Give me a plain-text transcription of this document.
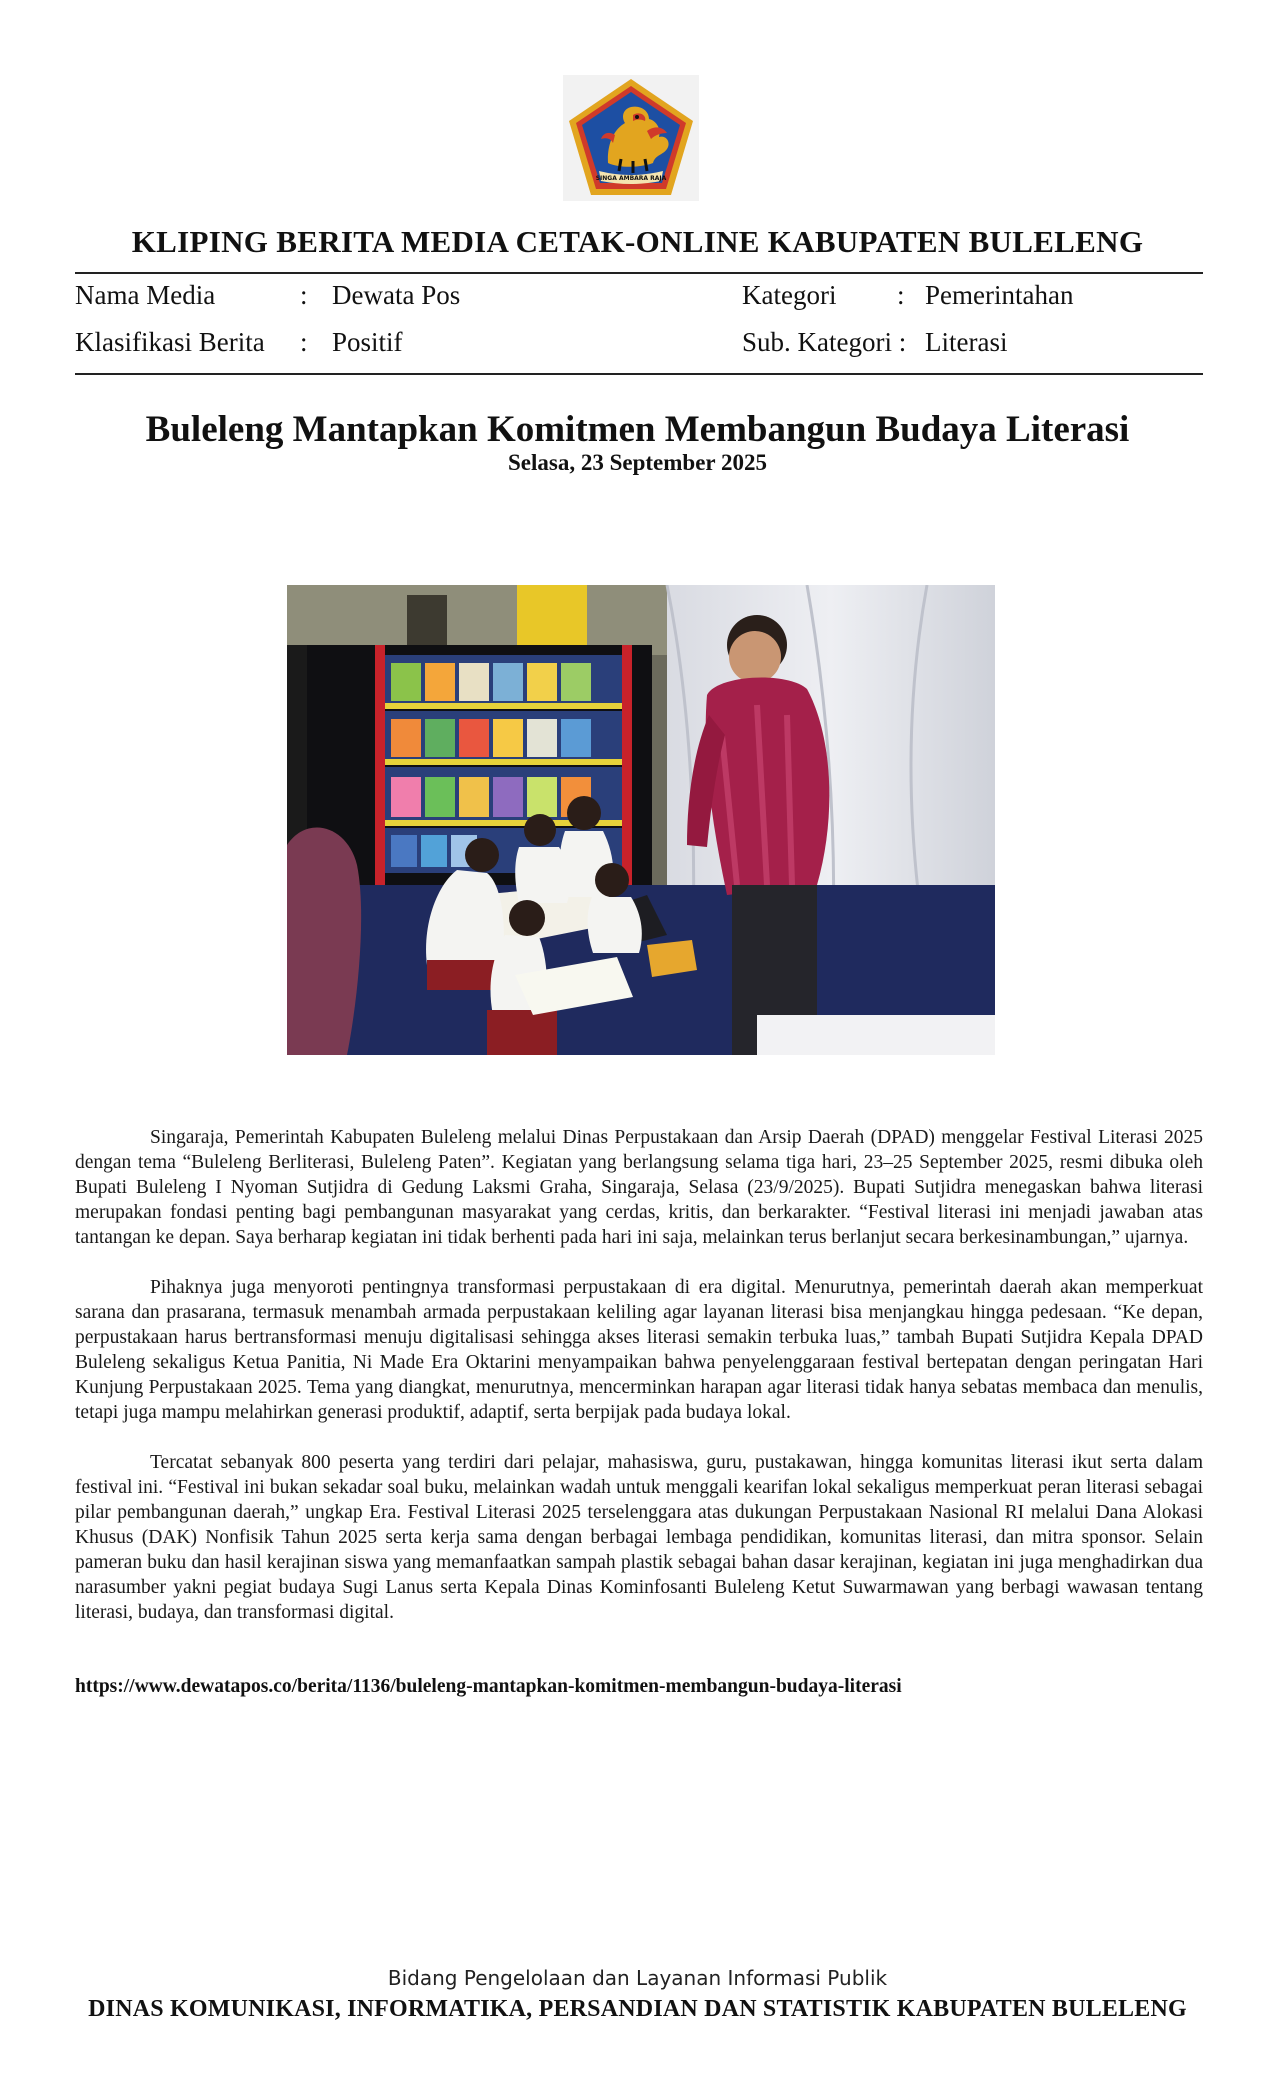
SINGA AMBARA RAJA
KLIPING BERITA MEDIA CETAK-ONLINE KABUPATEN BULELENG
Nama Media	: Dewata Pos	Kategori : Pemerintahan
Klasifikasi Berita : Positif	Sub. Kategori : Literasi
Buleleng Mantapkan Komitmen Membangun Budaya Literasi
Selasa, 23 September 2025

Singaraja, Pemerintah Kabupaten Buleleng melalui Dinas Perpustakaan dan Arsip Daerah (DPAD) menggelar Festival Literasi 2025 dengan tema “Buleleng Berliterasi, Buleleng Paten”. Kegiatan yang berlangsung selama tiga hari, 23–25 September 2025, resmi dibuka oleh Bupati Buleleng I Nyoman Sutjidra di Gedung Laksmi Graha, Singaraja, Selasa (23/9/2025). Bupati Sutjidra menegaskan bahwa literasi merupakan fondasi penting bagi pembangunan masyarakat yang cerdas, kritis, dan berkarakter. “Festival literasi ini menjadi jawaban atas tantangan ke depan. Saya berharap kegiatan ini tidak berhenti pada hari ini saja, melainkan terus berlanjut secara berkesinambungan,” ujarnya.

Pihaknya juga menyoroti pentingnya transformasi perpustakaan di era digital. Menurutnya, pemerintah daerah akan memperkuat sarana dan prasarana, termasuk menambah armada perpustakaan keliling agar layanan literasi bisa menjangkau hingga pedesaan. “Ke depan, perpustakaan harus bertransformasi menuju digitalisasi sehingga akses literasi semakin terbuka luas,” tambah Bupati Sutjidra Kepala DPAD Buleleng sekaligus Ketua Panitia, Ni Made Era Oktarini menyampaikan bahwa penyelenggaraan festival bertepatan dengan peringatan Hari Kunjung Perpustakaan 2025. Tema yang diangkat, menurutnya, mencerminkan harapan agar literasi tidak hanya sebatas membaca dan menulis, tetapi juga mampu melahirkan generasi produktif, adaptif, serta berpijak pada budaya lokal.

Tercatat sebanyak 800 peserta yang terdiri dari pelajar, mahasiswa, guru, pustakawan, hingga komunitas literasi ikut serta dalam festival ini. “Festival ini bukan sekadar soal buku, melainkan wadah untuk menggali kearifan lokal sekaligus memperkuat peran literasi sebagai pilar pembangunan daerah,” ungkap Era. Festival Literasi 2025 terselenggara atas dukungan Perpustakaan Nasional RI melalui Dana Alokasi Khusus (DAK) Nonfisik Tahun 2025 serta kerja sama dengan berbagai lembaga pendidikan, komunitas literasi, dan mitra sponsor. Selain pameran buku dan hasil kerajinan siswa yang memanfaatkan sampah plastik sebagai bahan dasar kerajinan, kegiatan ini juga menghadirkan dua narasumber yakni pegiat budaya Sugi Lanus serta Kepala Dinas Kominfosanti Buleleng Ketut Suwarmawan yang berbagi wawasan tentang literasi, budaya, dan transformasi digital.

https://www.dewatapos.co/berita/1136/buleleng-mantapkan-komitmen-membangun-budaya-literasi
Bidang Pengelolaan dan Layanan Informasi Publik
DINAS KOMUNIKASI, INFORMATIKA, PERSANDIAN DAN STATISTIK KABUPATEN BULELENG
